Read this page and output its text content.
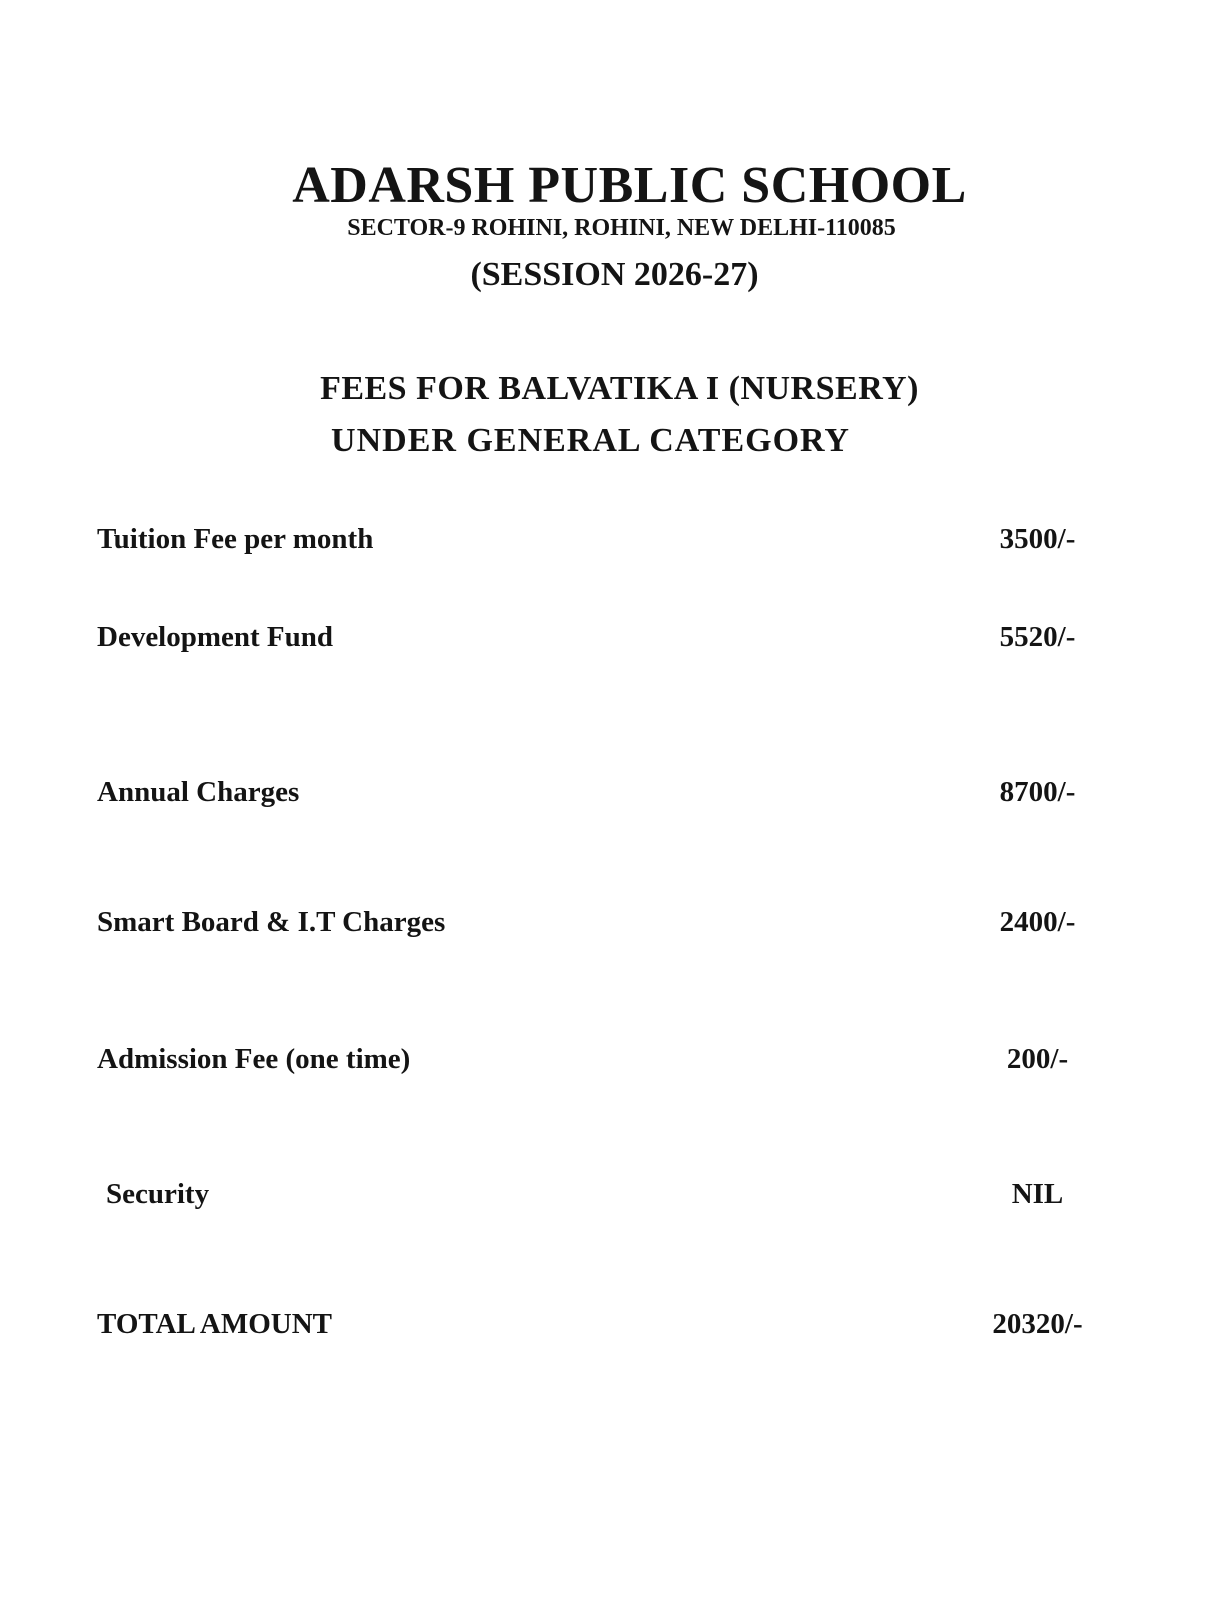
ADARSH PUBLIC SCHOOL
SECTOR-9 ROHINI, ROHINI, NEW DELHI-110085
(SESSION 2026-27)
FEES FOR BALVATIKA I (NURSERY)
UNDER GENERAL CATEGORY
Tuition Fee per month	3500/-
Development Fund	5520/-
Annual Charges	8700/-
Smart Board & I.T Charges	2400/-
Admission Fee (one time)	200/-
Security	NIL
TOTAL AMOUNT	20320/-
